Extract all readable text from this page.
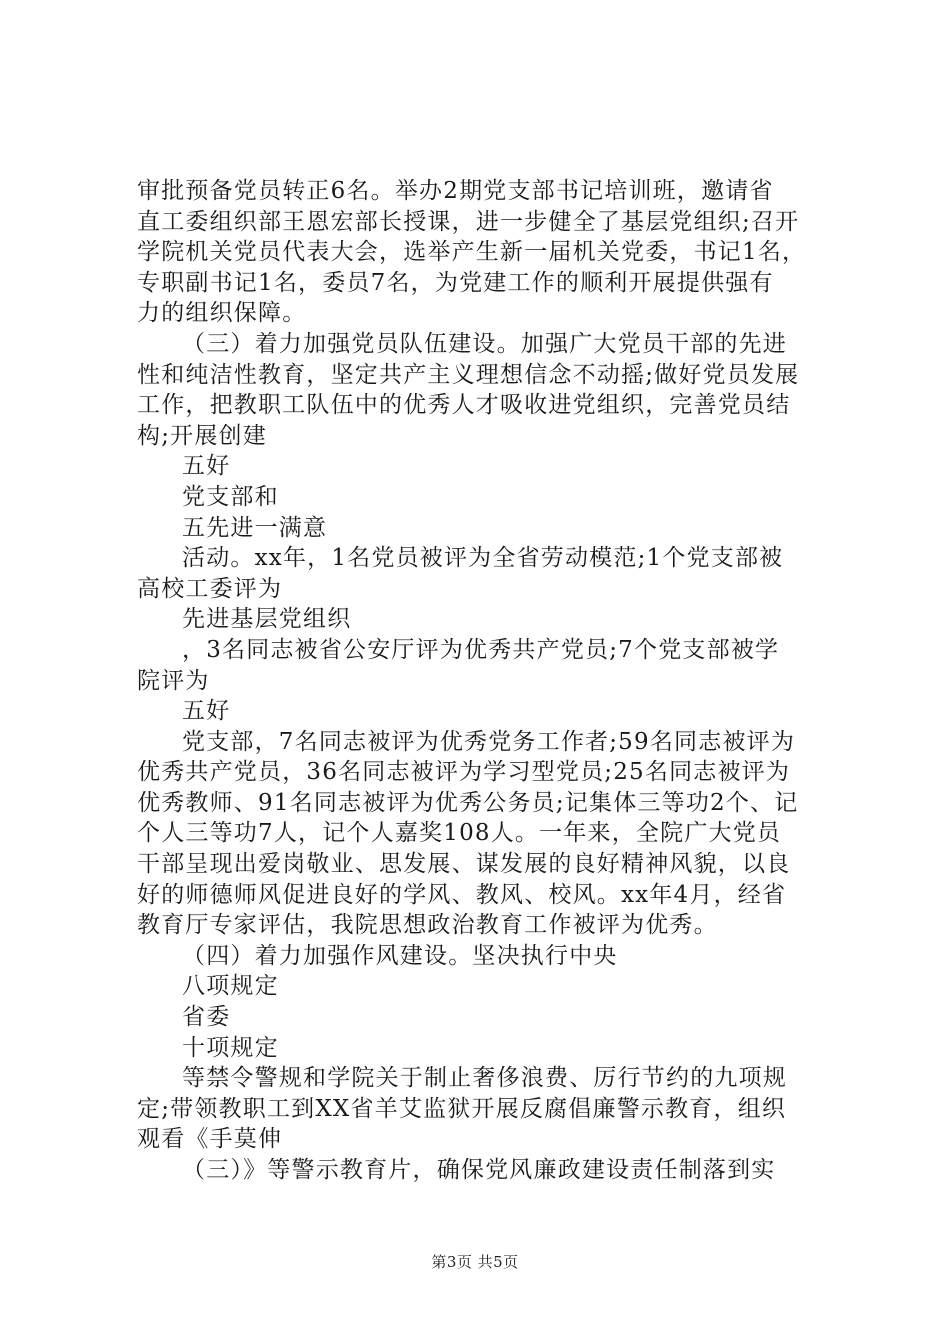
审批预备党员转正6名。举办2期党支部书记培训班，邀请省
直工委组织部王恩宏部长授课，进一步健全了基层党组织;召开
学院机关党员代表大会，选举产生新一届机关党委，书记1名，
专职副书记1名，委员7名，为党建工作的顺利开展提供强有
力的组织保障。
（三）着力加强党员队伍建设。加强广大党员干部的先进
性和纯洁性教育，坚定共产主义理想信念不动摇;做好党员发展
工作，把教职工队伍中的优秀人才吸收进党组织，完善党员结
构;开展创建
五好
党支部和
五先进一满意
活动。xx年，1名党员被评为全省劳动模范;1个党支部被
高校工委评为
先进基层党组织
，3名同志被省公安厅评为优秀共产党员;7个党支部被学
院评为
五好
党支部，7名同志被评为优秀党务工作者;59名同志被评为
优秀共产党员，36名同志被评为学习型党员;25名同志被评为
优秀教师、91名同志被评为优秀公务员;记集体三等功2个、记
个人三等功7人，记个人嘉奖108人。一年来，全院广大党员
干部呈现出爱岗敬业、思发展、谋发展的良好精神风貌，以良
好的师德师风促进良好的学风、教风、校风。xx年4月，经省
教育厅专家评估，我院思想政治教育工作被评为优秀。
（四）着力加强作风建设。坚决执行中央
八项规定
省委
十项规定
等禁令警规和学院关于制止奢侈浪费、厉行节约的九项规
定;带领教职工到XX省羊艾监狱开展反腐倡廉警示教育，组织
观看《手莫伸
（三）》等警示教育片，确保党风廉政建设责任制落到实
第3页 共5页
